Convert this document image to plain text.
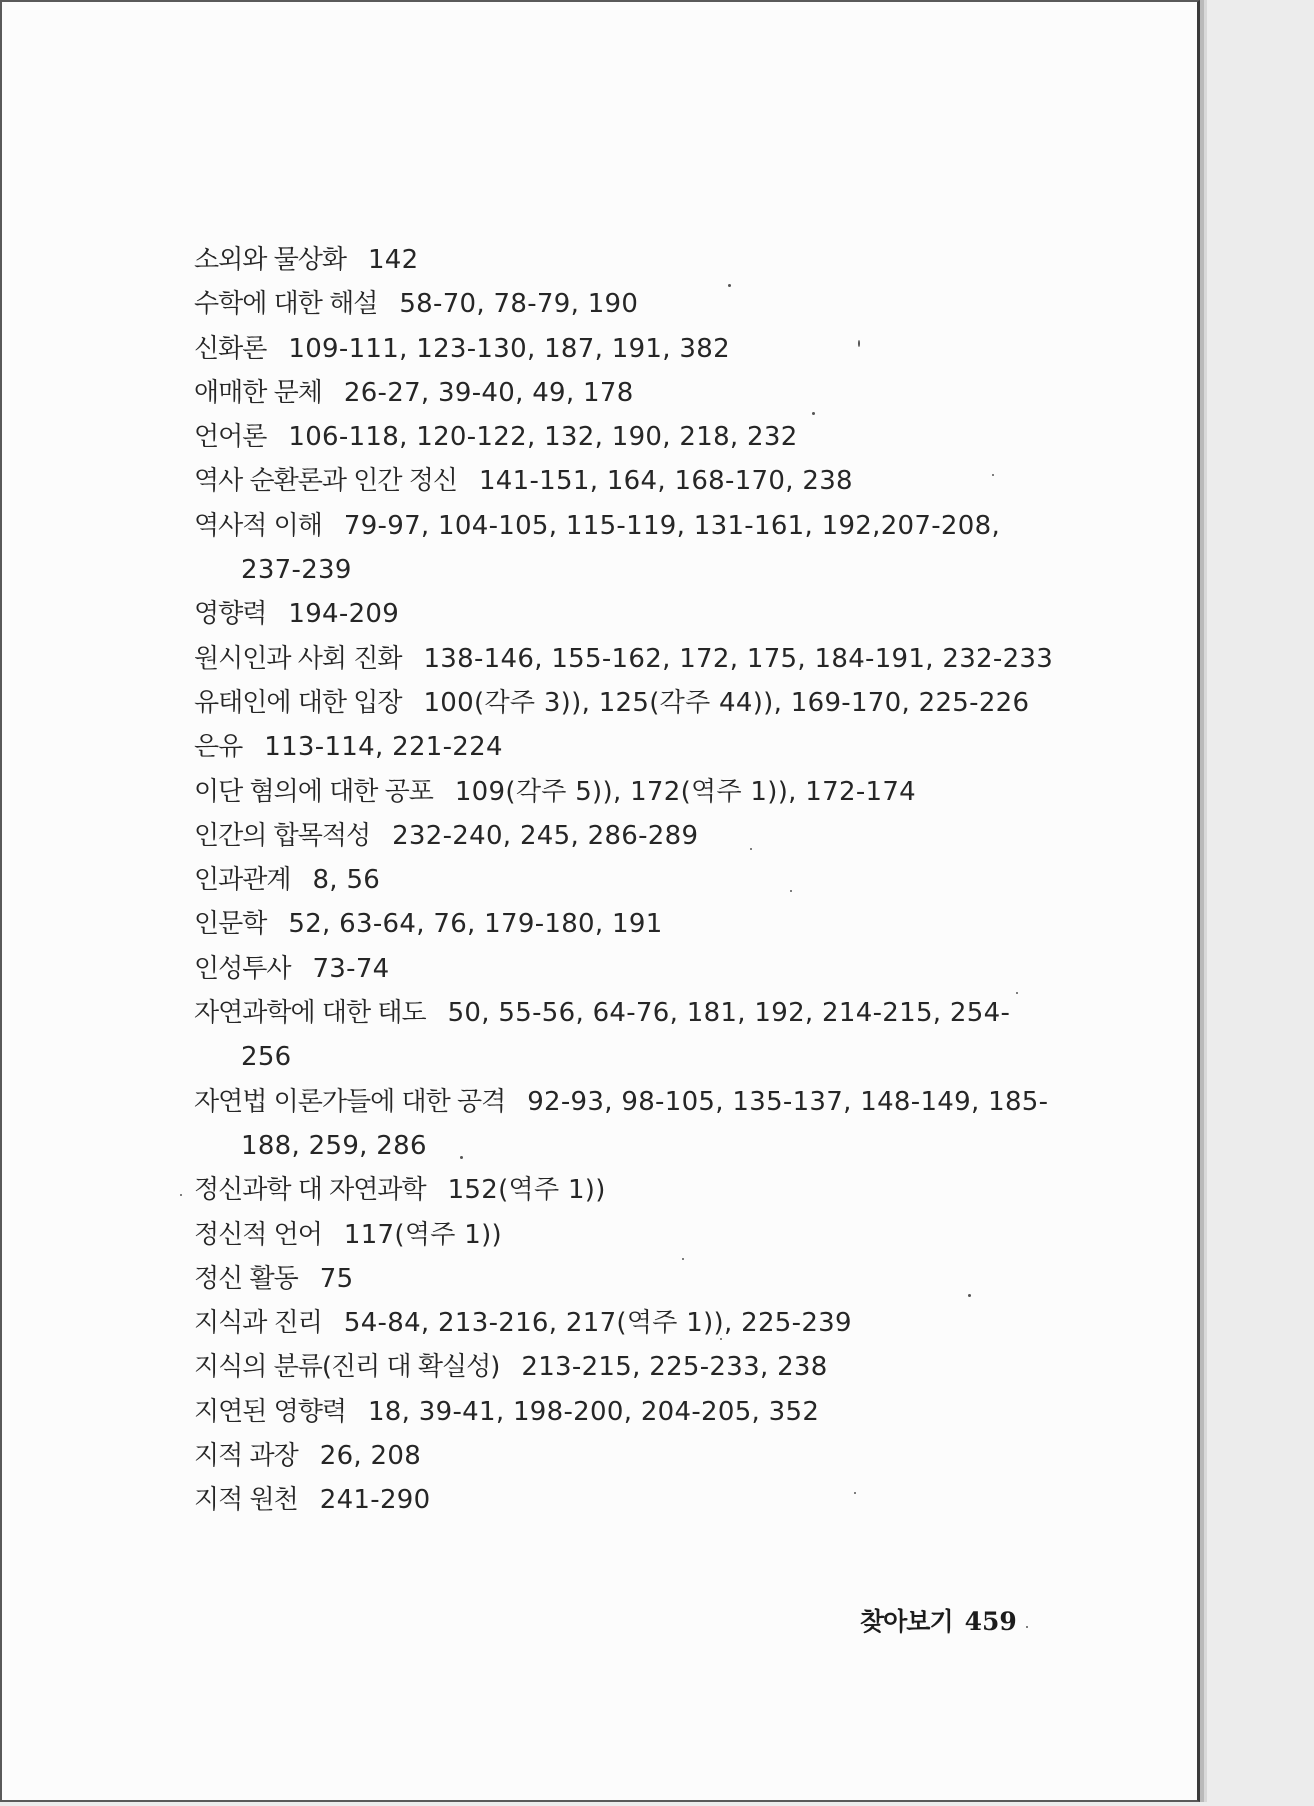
소외와 물상화 142
수학에 대한 해설 58-70, 78-79, 190
신화론 109-111, 123-130, 187, 191, 382
애매한 문체 26-27, 39-40, 49, 178
언어론 106-118, 120-122, 132, 190, 218, 232
역사 순환론과 인간 정신 141-151, 164, 168-170, 238
역사적 이해 79-97, 104-105, 115-119, 131-161, 192,207-208, 237-239
영향력 194-209
원시인과 사회 진화 138-146, 155-162, 172, 175, 184-191, 232-233
유태인에 대한 입장 100(각주 3)), 125(각주 44)), 169-170, 225-226
은유 113-114, 221-224
이단 혐의에 대한 공포 109(각주 5)), 172(역주 1)), 172-174
인간의 합목적성 232-240, 245, 286-289
인과관계 8, 56
인문학 52, 63-64, 76, 179-180, 191
인성투사 73-74
자연과학에 대한 태도 50, 55-56, 64-76, 181, 192, 214-215, 254-256
자연법 이론가들에 대한 공격 92-93, 98-105, 135-137, 148-149, 185-188, 259, 286
정신과학 대 자연과학 152(역주 1))
정신적 언어 117(역주 1))
정신 활동 75
지식과 진리 54-84, 213-216, 217(역주 1)), 225-239
지식의 분류(진리 대 확실성) 213-215, 225-233, 238
지연된 영향력 18, 39-41, 198-200, 204-205, 352
지적 과장 26, 208
지적 원천 241-290
찾아보기 459
